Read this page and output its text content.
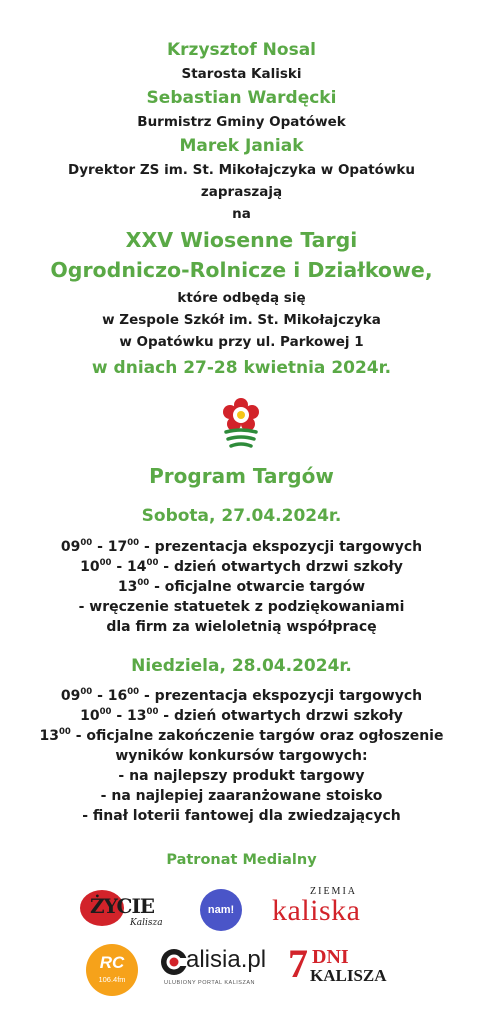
Krzysztof Nosal
Starosta Kaliski
Sebastian Wardęcki
Burmistrz Gminy Opatówek
Marek Janiak
Dyrektor ZS im. St. Mikołajczyka w Opatówku
zapraszają
na
XXV Wiosenne Targi
Ogrodniczo-Rolnicze i Działkowe,
które odbędą się
w Zespole Szkół im. St. Mikołajczyka
w Opatówku przy ul. Parkowej 1
w dniach 27-28 kwietnia 2024r.
Program Targów
Sobota, 27.04.2024r.
$09^{00} - 17^{00}$ - prezentacja ekspozycji targowych
$10^{00} - 14^{00}$ - dzień otwartych drzwi szkoły
$13^{00}$ - oficjalne otwarcie targów
- wręczenie statuetek z podziękowaniami
dla firm za wieloletnią współpracę
Niedziela, 28.04.2024r.
$09^{00} - 16^{00}$ - prezentacja ekspozycji targowych
$10^{00} - 13^{00}$ - dzień otwartych drzwi szkoły
$13^{00}$ - oficjalne zakończenie targów oraz ogłoszenie
wyników konkursów targowych:
- na najlepszy produkt targowy
- na najlepiej zaaranżowane stoisko
- finał loterii fantowej dla zwiedzających
Patronat Medialny
ŻYCIE
Kalisza
nam!
ZIEMIA
kaliska
RC
106.4fm
alisia.pl
ULUBIONY PORTAL KALISZAN 7 DNI
KALISZA
